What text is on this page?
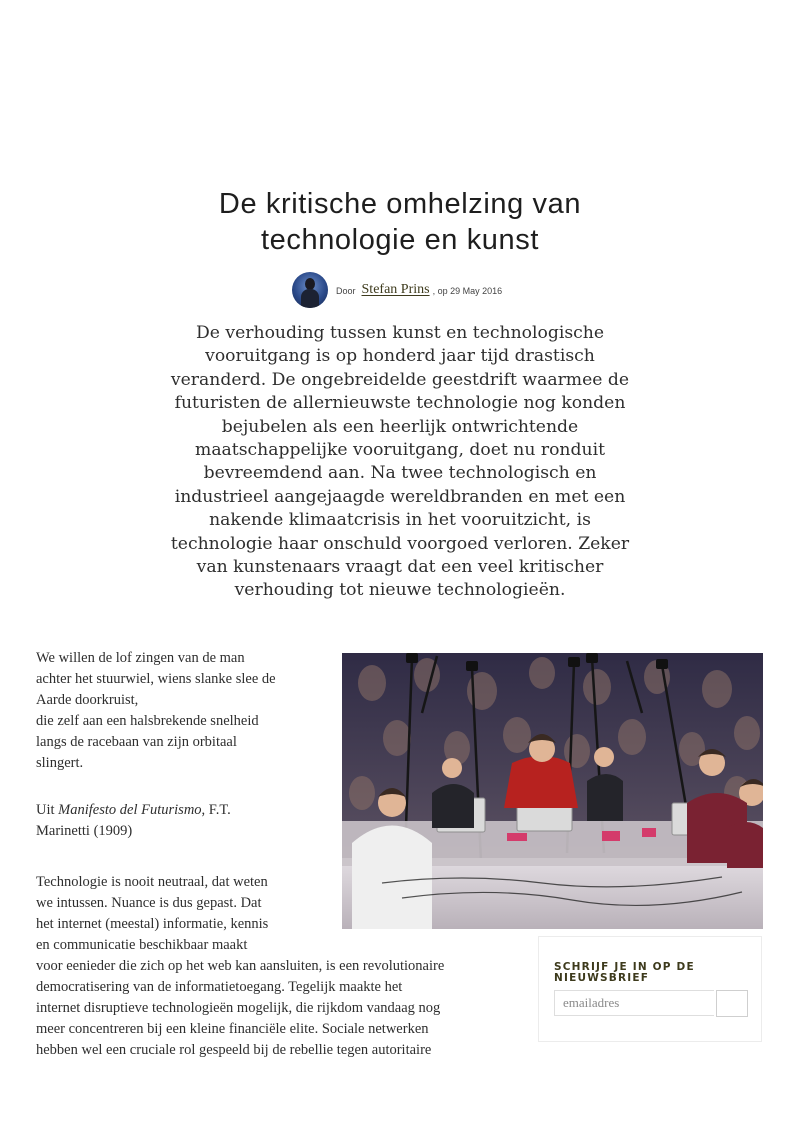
De kritische omhelzing van
technologie en kunst
Door Stefan Prins , op 29 May 2016

De verhouding tussen kunst en technologische
vooruitgang is op honderd jaar tijd drastisch
veranderd. De ongebreidelde geestdrift waarmee de
futuristen de allernieuwste technologie nog konden
bejubelen als een heerlijk ontwrichtende
maatschappelijke vooruitgang, doet nu ronduit
bevreemdend aan. Na twee technologisch en
industrieel aangejaagde wereldbranden en met een
nakende klimaatcrisis in het vooruitzicht, is
technologie haar onschuld voorgoed verloren. Zeker
van kunstenaars vraagt dat een veel kritischer
verhouding tot nieuwe technologieën.

We willen de lof zingen van de man
achter het stuurwiel, wiens slanke slee de
Aarde doorkruist,
die zelf aan een halsbrekende snelheid
langs de racebaan van zijn orbitaal
slingert.

Uit Manifesto del Futurismo, F.T.
Marinetti (1909)

Technologie is nooit neutraal, dat weten
we intussen. Nuance is dus gepast. Dat
het internet (meestal) informatie, kennis
en communicatie beschikbaar maakt

voor eenieder die zich op het web kan aansluiten, is een revolutionaire
democratisering van de informatietoegang. Tegelijk maakte het
internet disruptieve technologieën mogelijk, die rijkdom vandaag nog
meer concentreren bij een kleine financiële elite. Sociale netwerken
hebben wel een cruciale rol gespeeld bij de rebellie tegen autoritaire

SCHRIJF JE IN OP DE
NIEUWSBRIEF
emailadres
